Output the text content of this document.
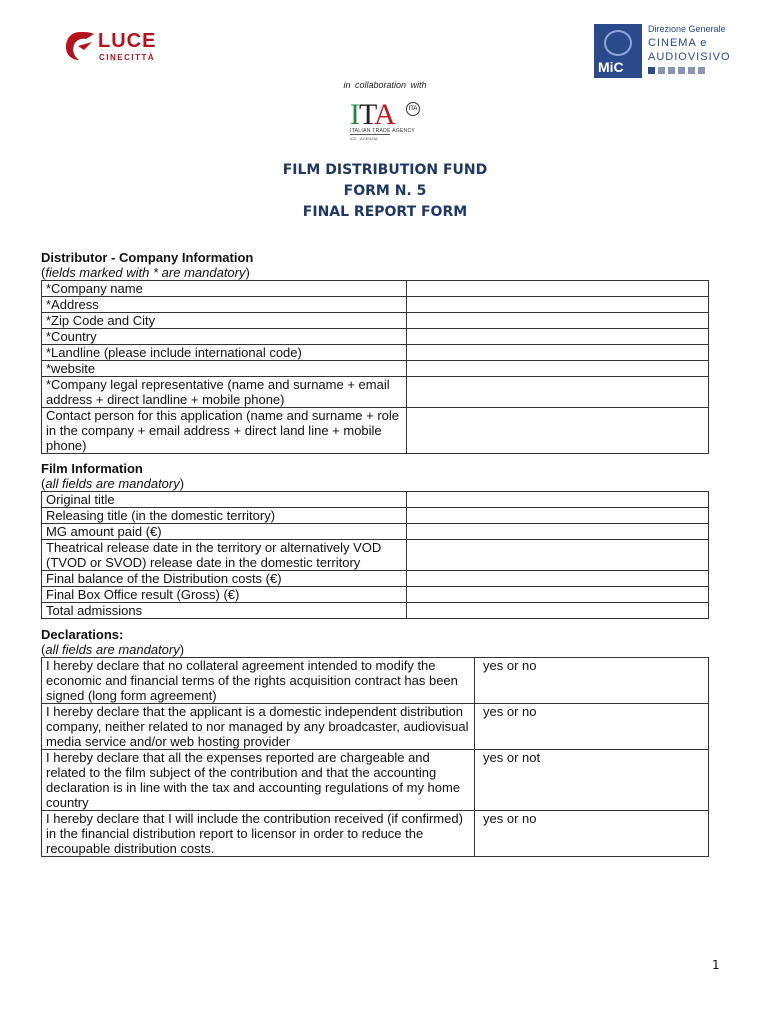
LUCE
CINECITTÀ
MiC
Direzione Generale
CINEMA e
AUDIOVISIVO
in collaboration with
ITA	ITA
ITALIAN TRADE AGENCY
ICE - AGENZIA
FILM DISTRIBUTION FUND
FORM N. 5
FINAL REPORT FORM
Distributor - Company Information
(fields marked with * are mandatory)
*Company name	
*Address	
*Zip Code and City	
*Country	
*Landline (please include international code)	
*website	
*Company legal representative (name and surname + email address + direct landline + mobile phone)	
Contact person for this application (name and surname + role in the company + email address + direct land line + mobile phone)	
Film Information
(all fields are mandatory)
Original title	
Releasing title (in the domestic territory)	
MG amount paid (€)	
Theatrical release date in the territory or alternatively VOD (TVOD or SVOD) release date in the domestic territory	
Final balance of the Distribution costs (€)	
Final Box Office result (Gross) (€)	
Total admissions	
Declarations:
(all fields are mandatory)
I hereby declare that no collateral agreement intended to modify the economic and financial terms of the rights acquisition contract has been signed (long form agreement)	yes or no
I hereby declare that the applicant is a domestic independent distribution company, neither related to nor managed by any broadcaster, audiovisual media service and/or web hosting provider	yes or no
I hereby declare that all the expenses reported are chargeable and related to the film subject of the contribution and that the accounting declaration is in line with the tax and accounting regulations of my home country	yes or not
I hereby declare that I will include the contribution received (if confirmed) in the financial distribution report to licensor in order to reduce the recoupable distribution costs.	yes or no
1
